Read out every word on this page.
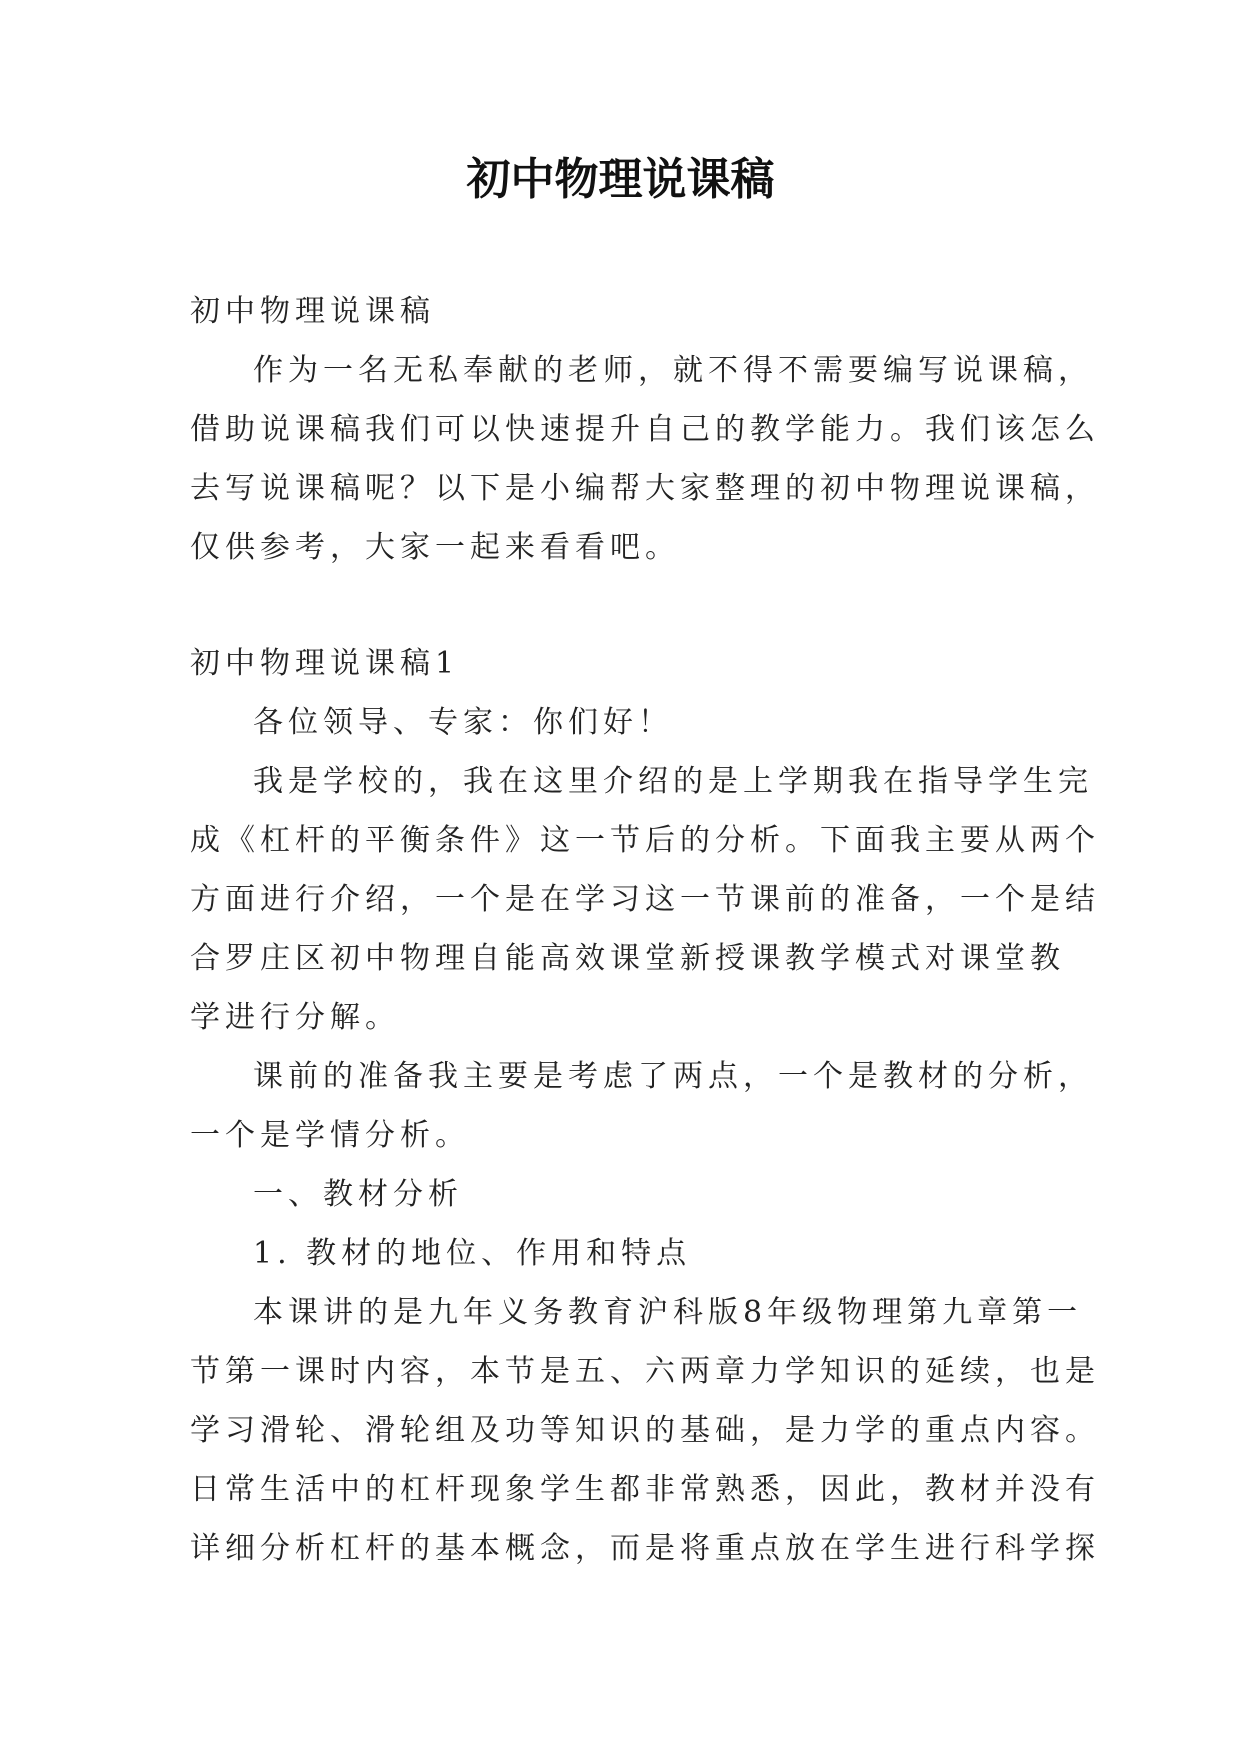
初中物理说课稿

初中物理说课稿

作为一名无私奉献的老师，就不得不需要编写说课稿，

借助说课稿我们可以快速提升自己的教学能力。我们该怎么

去写说课稿呢？以下是小编帮大家整理的初中物理说课稿，

仅供参考，大家一起来看看吧。

初中物理说课稿1

各位领导、专家：你们好！

我是学校的，我在这里介绍的是上学期我在指导学生完

成《杠杆的平衡条件》这一节后的分析。下面我主要从两个

方面进行介绍，一个是在学习这一节课前的准备，一个是结

合罗庄区初中物理自能高效课堂新授课教学模式对课堂教

学进行分解。

课前的准备我主要是考虑了两点，一个是教材的分析，

一个是学情分析。

一、教材分析

1. 教材的地位、作用和特点

本课讲的是九年义务教育沪科版8年级物理第九章第一

节第一课时内容，本节是五、六两章力学知识的延续，也是

学习滑轮、滑轮组及功等知识的基础，是力学的重点内容。

日常生活中的杠杆现象学生都非常熟悉，因此，教材并没有

详细分析杠杆的基本概念，而是将重点放在学生进行科学探
